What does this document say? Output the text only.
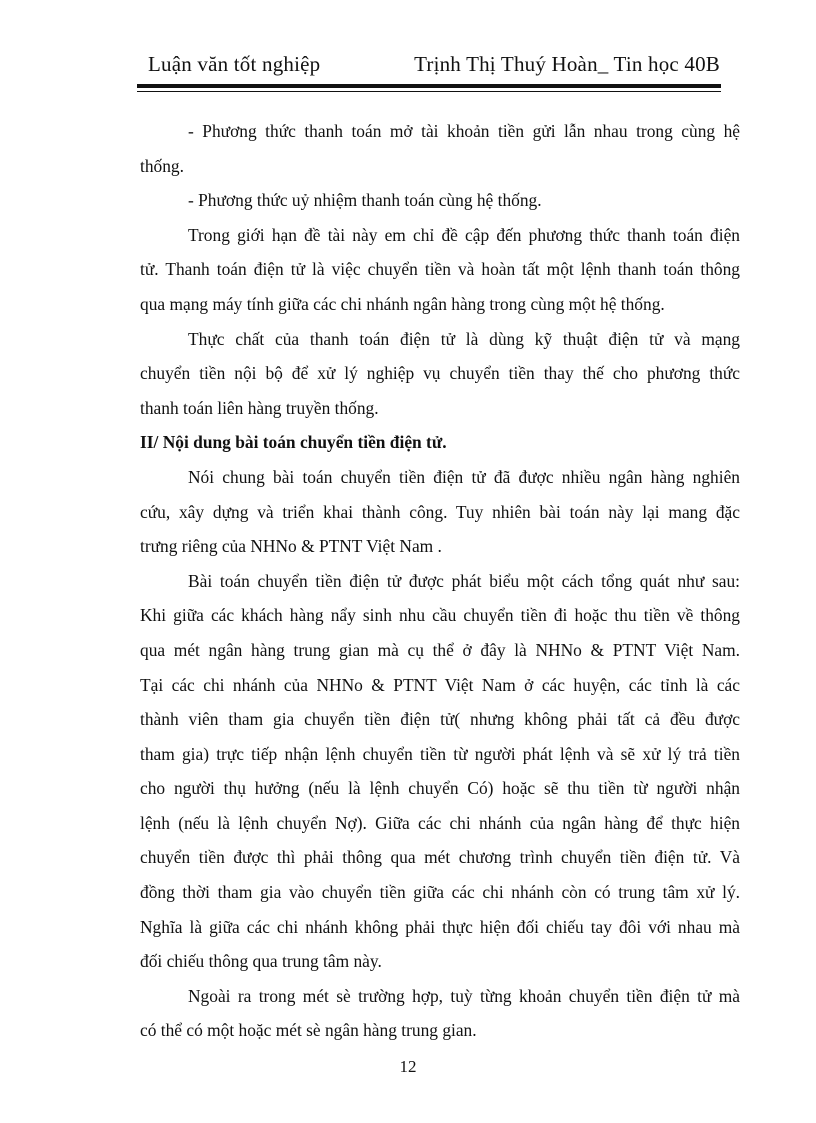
Luận văn tốt nghiệp	Trịnh Thị Thuý Hoàn_ Tin học 40B
- Phương thức thanh toán mở tài khoản tiền gửi lẫn nhau trong cùng hệ
thống.
- Phương thức uỷ nhiệm thanh toán cùng hệ thống.
Trong giới hạn đề tài này em chỉ đề cập đến phương thức thanh toán điện
tử. Thanh toán điện tử là việc chuyển tiền và hoàn tất một lệnh thanh toán thông
qua mạng máy tính giữa các chi nhánh ngân hàng trong cùng một hệ thống.
Thực chất của thanh toán điện tử là dùng kỹ thuật điện tử và mạng
chuyển tiền nội bộ để xử lý nghiệp vụ chuyển tiền thay thế cho phương thức
thanh toán liên hàng truyền thống.
II/ Nội dung bài toán chuyển tiền điện tử.
Nói chung bài toán chuyển tiền điện tử đã được nhiều ngân hàng nghiên
cứu, xây dựng và triển khai thành công. Tuy nhiên bài toán này lại mang đặc
trưng riêng của NHNo & PTNT Việt Nam .
Bài toán chuyển tiền điện tử được phát biểu một cách tổng quát như sau:
Khi giữa các khách hàng nẩy sinh nhu cầu chuyển tiền đi hoặc thu tiền về thông
qua mét ngân hàng trung gian mà cụ thể ở đây là NHNo & PTNT Việt Nam.
Tại các chi nhánh của NHNo & PTNT Việt Nam ở các huyện, các tỉnh là các
thành viên tham gia chuyển tiền điện tử( nhưng không phải tất cả đều được
tham gia) trực tiếp nhận lệnh chuyển tiền từ người phát lệnh và sẽ xử lý trả tiền
cho người thụ hưởng (nếu là lệnh chuyển Có) hoặc sẽ thu tiền từ người nhận
lệnh (nếu là lệnh chuyển Nợ). Giữa các chi nhánh của ngân hàng để thực hiện
chuyển tiền được thì phải thông qua mét chương trình chuyển tiền điện tử. Và
đồng thời tham gia vào chuyển tiền giữa các chi nhánh còn có trung tâm xử lý.
Nghĩa là giữa các chi nhánh không phải thực hiện đối chiếu tay đôi với nhau mà
đối chiếu thông qua trung tâm này.
Ngoài ra trong mét sè trường hợp, tuỳ từng khoản chuyển tiền điện tử mà
có thể có một hoặc mét sè ngân hàng trung gian.
12
